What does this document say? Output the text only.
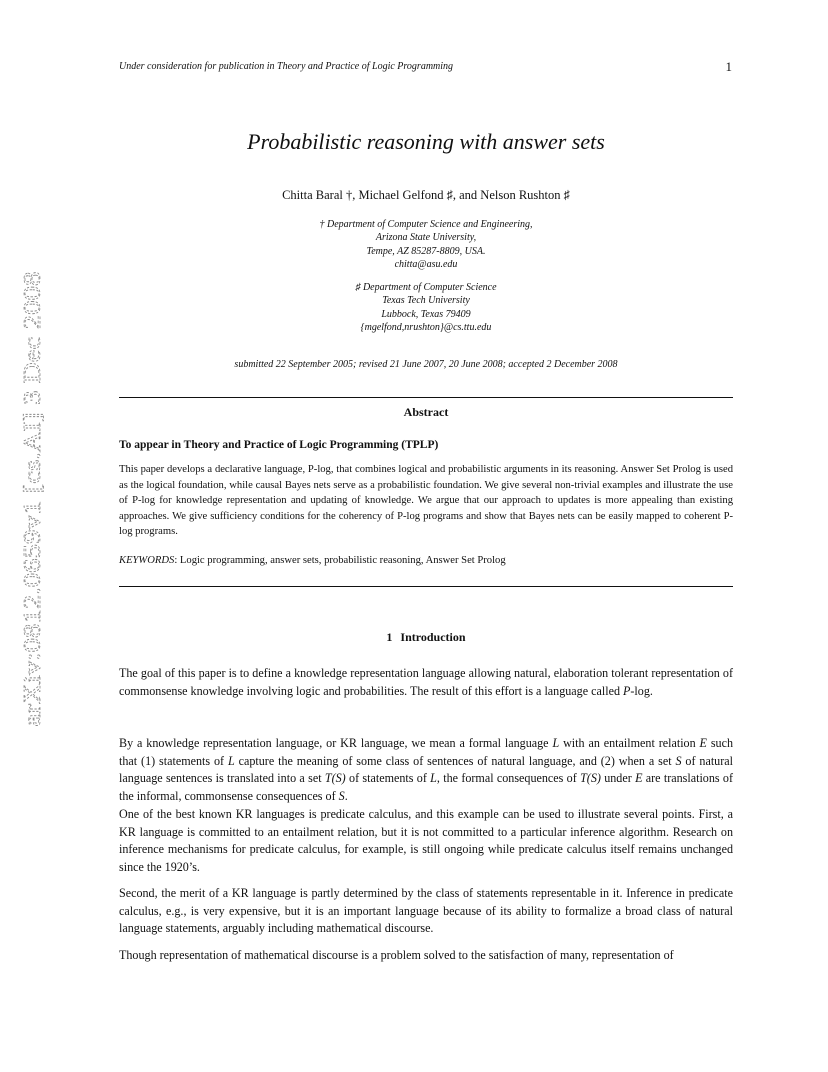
Under consideration for publication in Theory and Practice of Logic Programming	1
arXiv:0812.0659v1 [cs.AI] 3 Dec 2008
Probabilistic reasoning with answer sets
Chitta Baral †, Michael Gelfond ♯, and Nelson Rushton ♯
† Department of Computer Science and Engineering,
Arizona State University,
Tempe, AZ 85287-8809, USA.
chitta@asu.edu
♯ Department of Computer Science
Texas Tech University
Lubbock, Texas 79409
{mgelfond,nrushton}@cs.ttu.edu
submitted 22 September 2005; revised 21 June 2007, 20 June 2008; accepted 2 December 2008
Abstract
To appear in Theory and Practice of Logic Programming (TPLP)
This paper develops a declarative language, P-log, that combines logical and probabilistic arguments in its reasoning. Answer Set Prolog is used as the logical foundation, while causal Bayes nets serve as a probabilistic foundation. We give several non-trivial examples and illustrate the use of P-log for knowledge representation and updating of knowledge. We argue that our approach to updates is more appealing than existing approaches. We give sufficiency conditions for the coherency of P-log programs and show that Bayes nets can be easily mapped to coherent P-log programs.
KEYWORDS: Logic programming, answer sets, probabilistic reasoning, Answer Set Prolog
1 Introduction
The goal of this paper is to define a knowledge representation language allowing natural, elaboration tolerant representation of commonsense knowledge involving logic and probabilities. The result of this effort is a language called P-log.
By a knowledge representation language, or KR language, we mean a formal language L with an entailment relation E such that (1) statements of L capture the meaning of some class of sentences of natural language, and (2) when a set S of natural language sentences is translated into a set T(S) of statements of L, the formal consequences of T(S) under E are translations of the informal, commonsense consequences of S.
One of the best known KR languages is predicate calculus, and this example can be used to illustrate several points. First, a KR language is committed to an entailment relation, but it is not committed to a particular inference algorithm. Research on inference mechanisms for predicate calculus, for example, is still ongoing while predicate calculus itself remains unchanged since the 1920’s.
Second, the merit of a KR language is partly determined by the class of statements representable in it. Inference in predicate calculus, e.g., is very expensive, but it is an important language because of its ability to formalize a broad class of natural language statements, arguably including mathematical discourse.
Though representation of mathematical discourse is a problem solved to the satisfaction of many, representation of
